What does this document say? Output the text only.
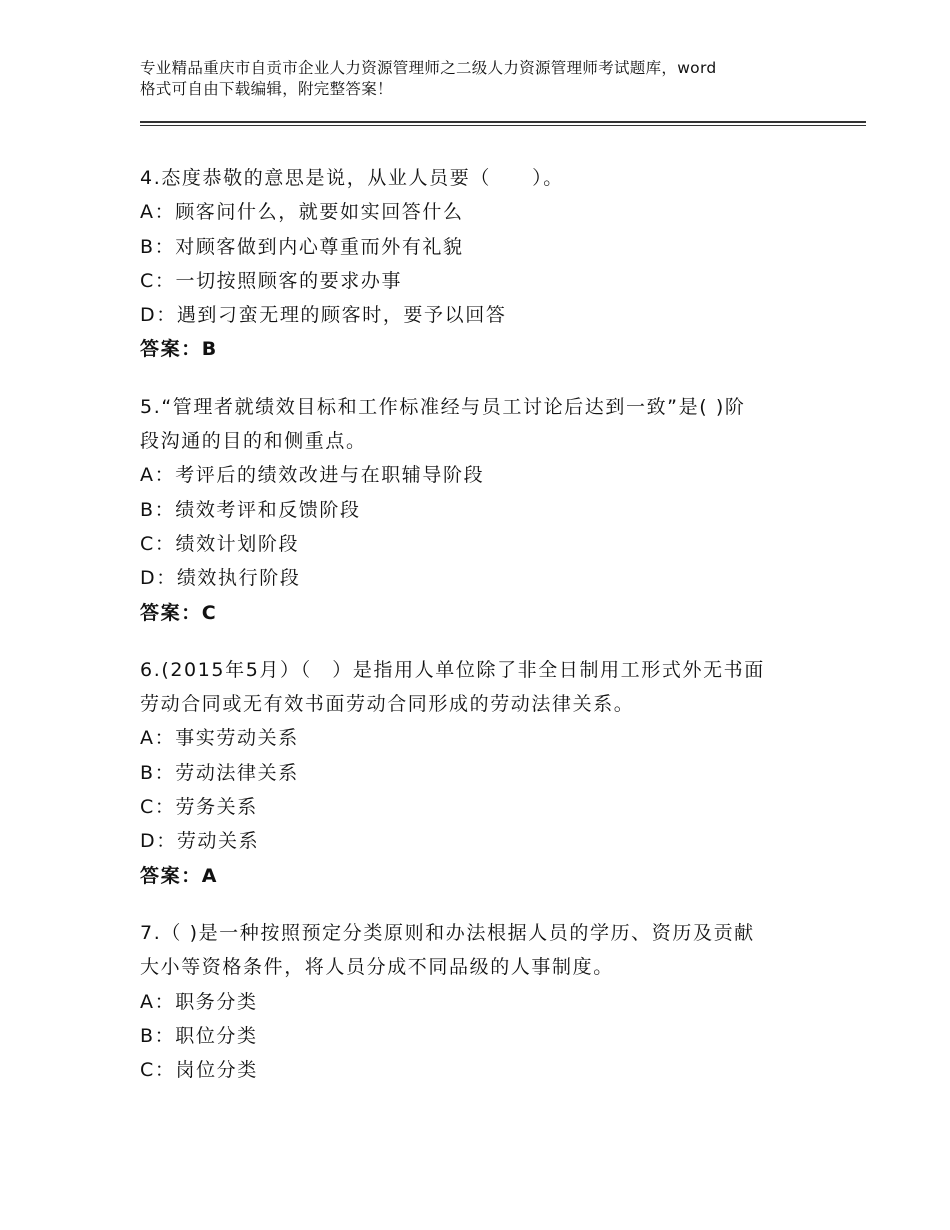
专业精品重庆市自贡市企业人力资源管理师之二级人力资源管理师考试题库，word
格式可自由下载编辑，附完整答案！
4.态度恭敬的意思是说，从业人员要（　　）。
A：顾客问什么，就要如实回答什么
B：对顾客做到内心尊重而外有礼貌
C：一切按照顾客的要求办事
D：遇到刁蛮无理的顾客时，要予以回答
答案：B
5.“管理者就绩效目标和工作标准经与员工讨论后达到一致”是( )阶
段沟通的目的和侧重点。
A：考评后的绩效改进与在职辅导阶段
B：绩效考评和反馈阶段
C：绩效计划阶段
D：绩效执行阶段
答案：C
6.(2015年5月）（　）是指用人单位除了非全日制用工形式外无书面
劳动合同或无有效书面劳动合同形成的劳动法律关系。
A：事实劳动关系
B：劳动法律关系
C：劳务关系
D：劳动关系
答案：A
7.（ )是一种按照预定分类原则和办法根据人员的学历、资历及贡献
大小等资格条件，将人员分成不同品级的人事制度。
A：职务分类
B：职位分类
C：岗位分类
